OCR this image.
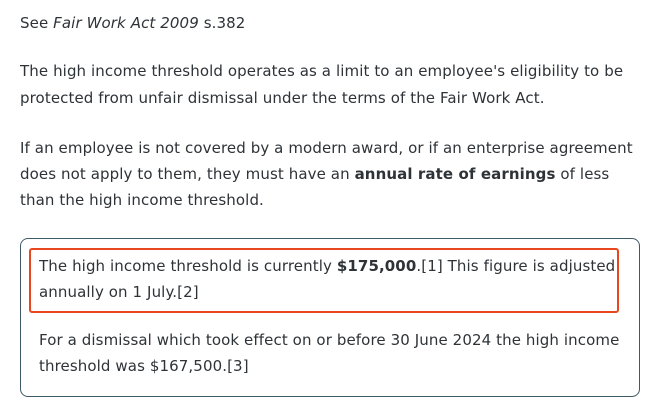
See Fair Work Act 2009 s.382

The high income threshold operates as a limit to an employee's eligibility to be protected from unfair dismissal under the terms of the Fair Work Act.

If an employee is not covered by a modern award, or if an enterprise agreement does not apply to them, they must have an annual rate of earnings of less than the high income threshold.

The high income threshold is currently $175,000.[1] This figure is adjusted annually on 1 July.[2]

For a dismissal which took effect on or before 30 June 2024 the high income threshold was $167,500.[3]
